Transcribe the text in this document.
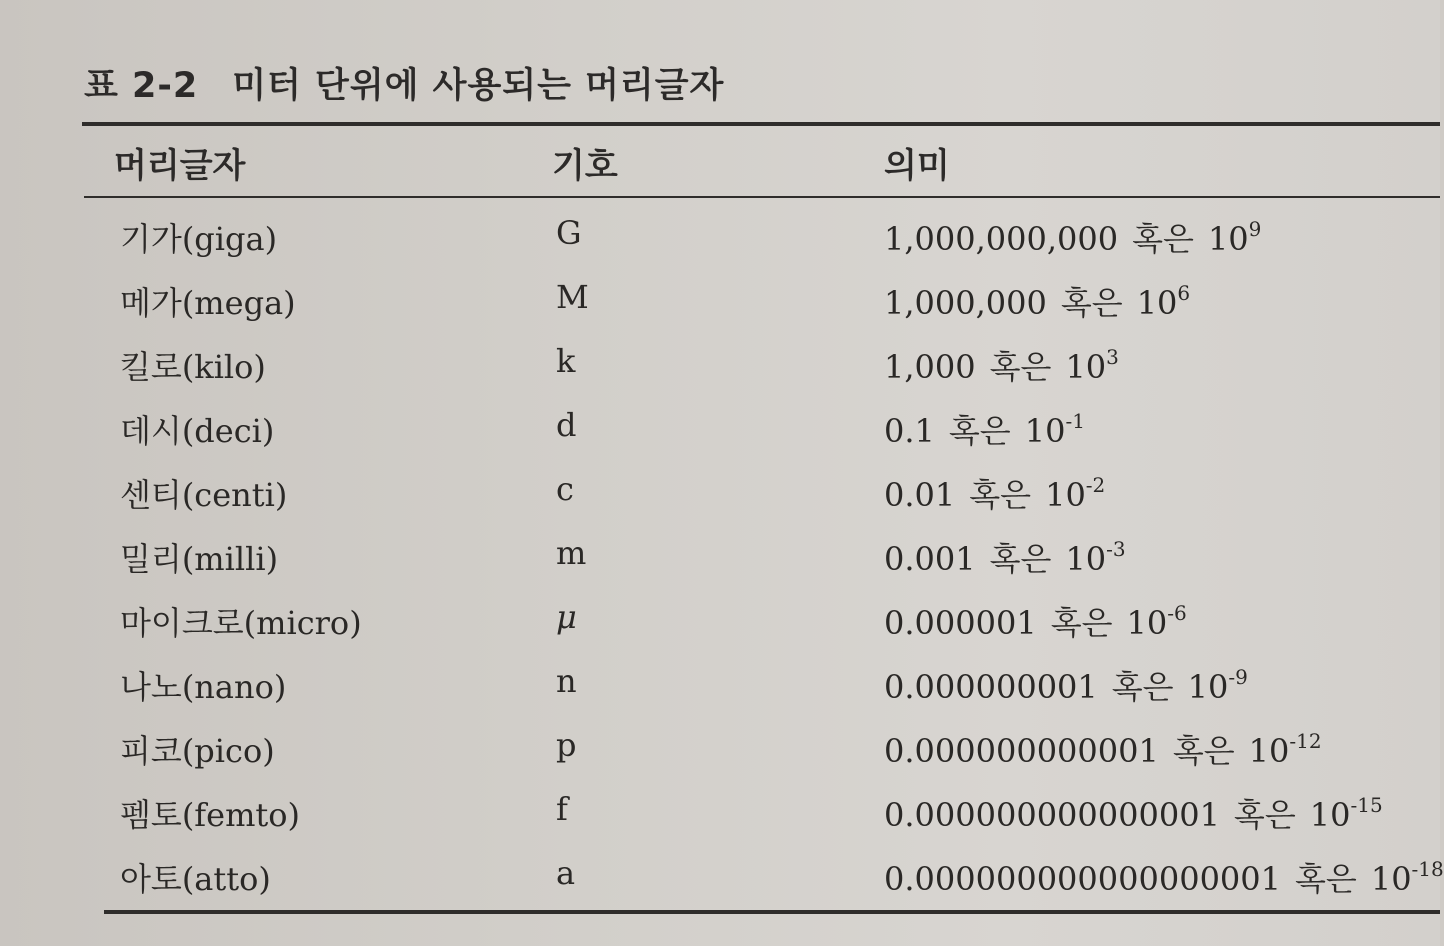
표 2-2 미터 단위에 사용되는 머리글자
머리글자	기호	의미
기가(giga)	G	1,000,000,000 혹은 $10^9$
메가(mega)	M	1,000,000 혹은 $10^6$
킬로(kilo)	k	1,000 혹은 $10^3$
데시(deci)	d	0.1 혹은 $10^{-1}$
센티(centi)	c	0.01 혹은 $10^{-2}$
밀리(milli)	m	0.001 혹은 $10^{-3}$
마이크로(micro)	μ	0.000001 혹은 $10^{-6}$
나노(nano)	n	0.000000001 혹은 $10^{-9}$
피코(pico)	p	0.000000000001 혹은 $10^{-12}$
펨토(femto)	f	0.000000000000001 혹은 $10^{-15}$
아토(atto)	a	0.000000000000000001 혹은 $10^{-18}$
